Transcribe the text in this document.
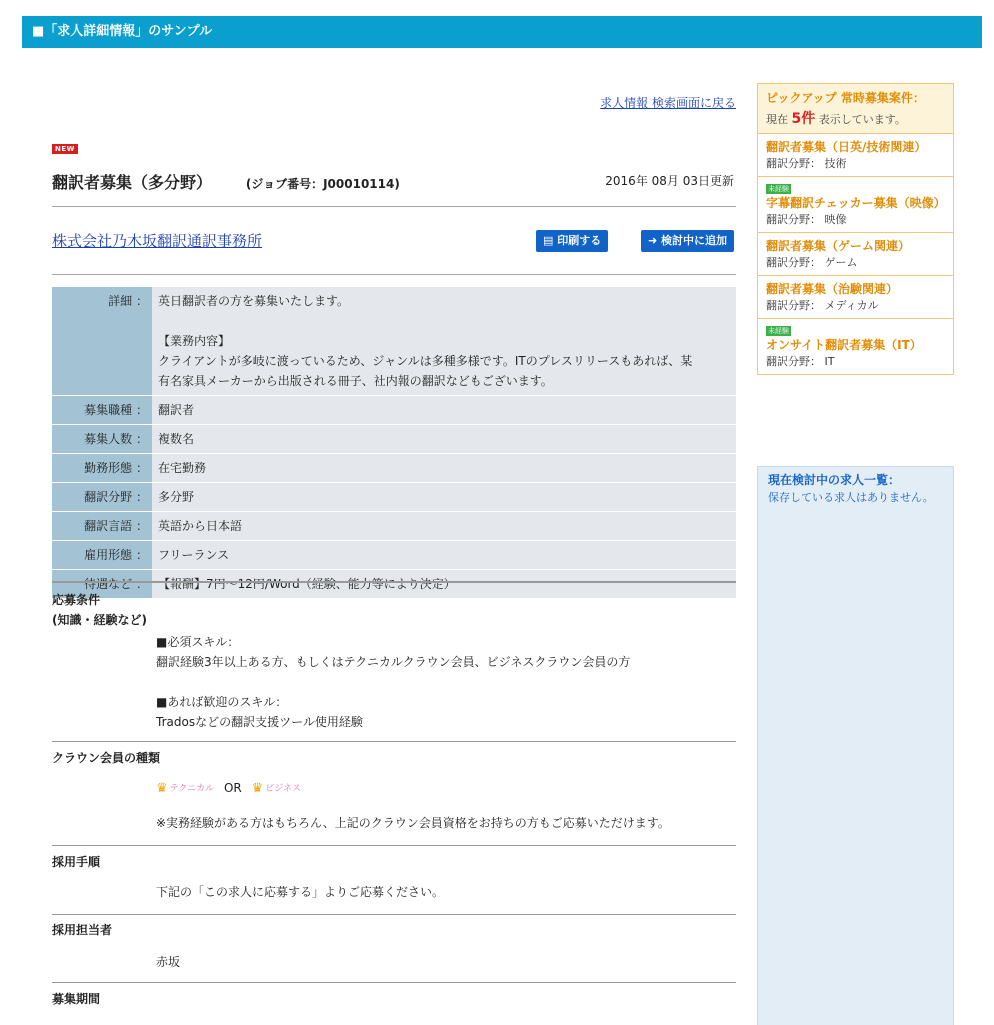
■「求人詳細情報」のサンプル
求人情報 検索画面に戻る
NEW
翻訳者募集（多分野）	(ジョブ番号：J00010114)	2016年 08月 03日更新
株式会社乃木坂翻訳通訳事務所	▤ 印刷する	➜ 検討中に追加
詳細 ：	英日翻訳者の方を募集いたします。
【業務内容】
クライアントが多岐に渡っているため、ジャンルは多種多様です。ITのプレスリリースもあれば、某
有名家具メーカーから出版される冊子、社内報の翻訳などもございます。

募集職種 ：	翻訳者

募集人数 ：	複数名

勤務形態 ：	在宅勤務

翻訳分野 ：	多分野

翻訳言語 ：	英語から日本語

雇用形態 ：	フリーランス

待遇など ：	【報酬】7円〜12円/Word（経験、能力等により決定）
応募条件
(知識・経験など)
■必須スキル：
翻訳経験3年以上ある方、もしくはテクニカルクラウン会員、ビジネスクラウン会員の方
■あれば歓迎のスキル：
Tradosなどの翻訳支援ツール使用経験
クラウン会員の種類
♛ テクニカル OR ♛ ビジネス
※実務経験がある方はもちろん、上記のクラウン会員資格をお持ちの方もご応募いただけます。
採用手順
下記の「この求人に応募する」よりご応募ください。
採用担当者
赤坂
募集期間
ピックアップ 常時募集案件：
現在 5件 表示しています。
翻訳者募集（日英/技術関連）
翻訳分野： 技術
未経験
字幕翻訳チェッカー募集（映像）
翻訳分野： 映像
翻訳者募集（ゲーム関連）
翻訳分野： ゲーム
翻訳者募集（治験関連）
翻訳分野： メディカル
未経験
オンサイト翻訳者募集（IT）
翻訳分野： IT
現在検討中の求人一覧：
保存している求人はありません。
